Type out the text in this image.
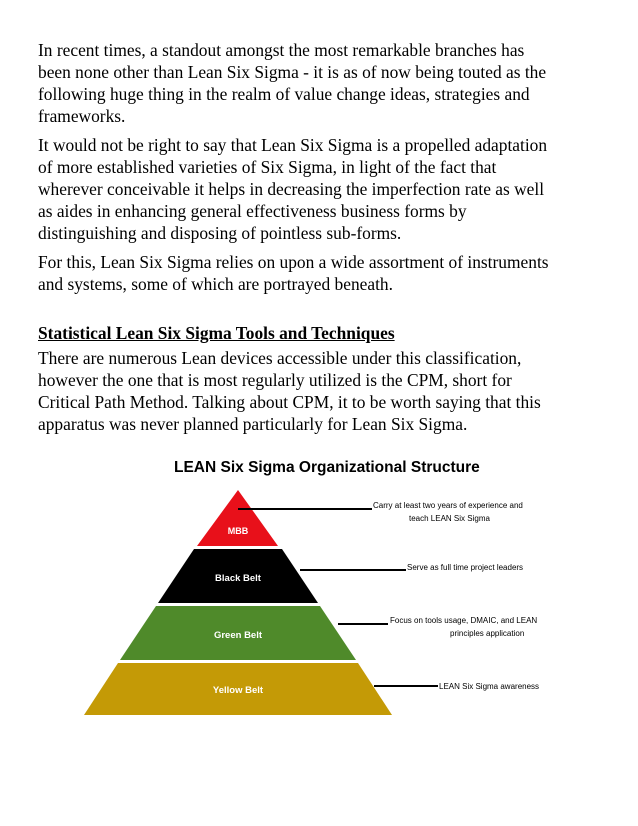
In recent times, a standout amongst the most remarkable branches has
been none other than Lean Six Sigma - it is as of now being touted as the
following huge thing in the realm of value change ideas, strategies and
frameworks.

It would not be right to say that Lean Six Sigma is a propelled adaptation
of more established varieties of Six Sigma, in light of the fact that
wherever conceivable it helps in decreasing the imperfection rate as well
as aides in enhancing general effectiveness business forms by
distinguishing and disposing of pointless sub-forms.

For this, Lean Six Sigma relies on upon a wide assortment of instruments
and systems, some of which are portrayed beneath.

Statistical Lean Six Sigma Tools and Techniques
There are numerous Lean devices accessible under this classification,
however the one that is most regularly utilized is the CPM, short for
Critical Path Method. Talking about CPM, it to be worth saying that this
apparatus was never planned particularly for Lean Six Sigma.
LEAN Six Sigma Organizational Structure
MBB
Black Belt
Green Belt
Yellow Belt
Carry at least two years of experience and
teach LEAN Six Sigma
Serve as full time project leaders
Focus on tools usage, DMAIC, and LEAN
principles application
LEAN Six Sigma awareness
